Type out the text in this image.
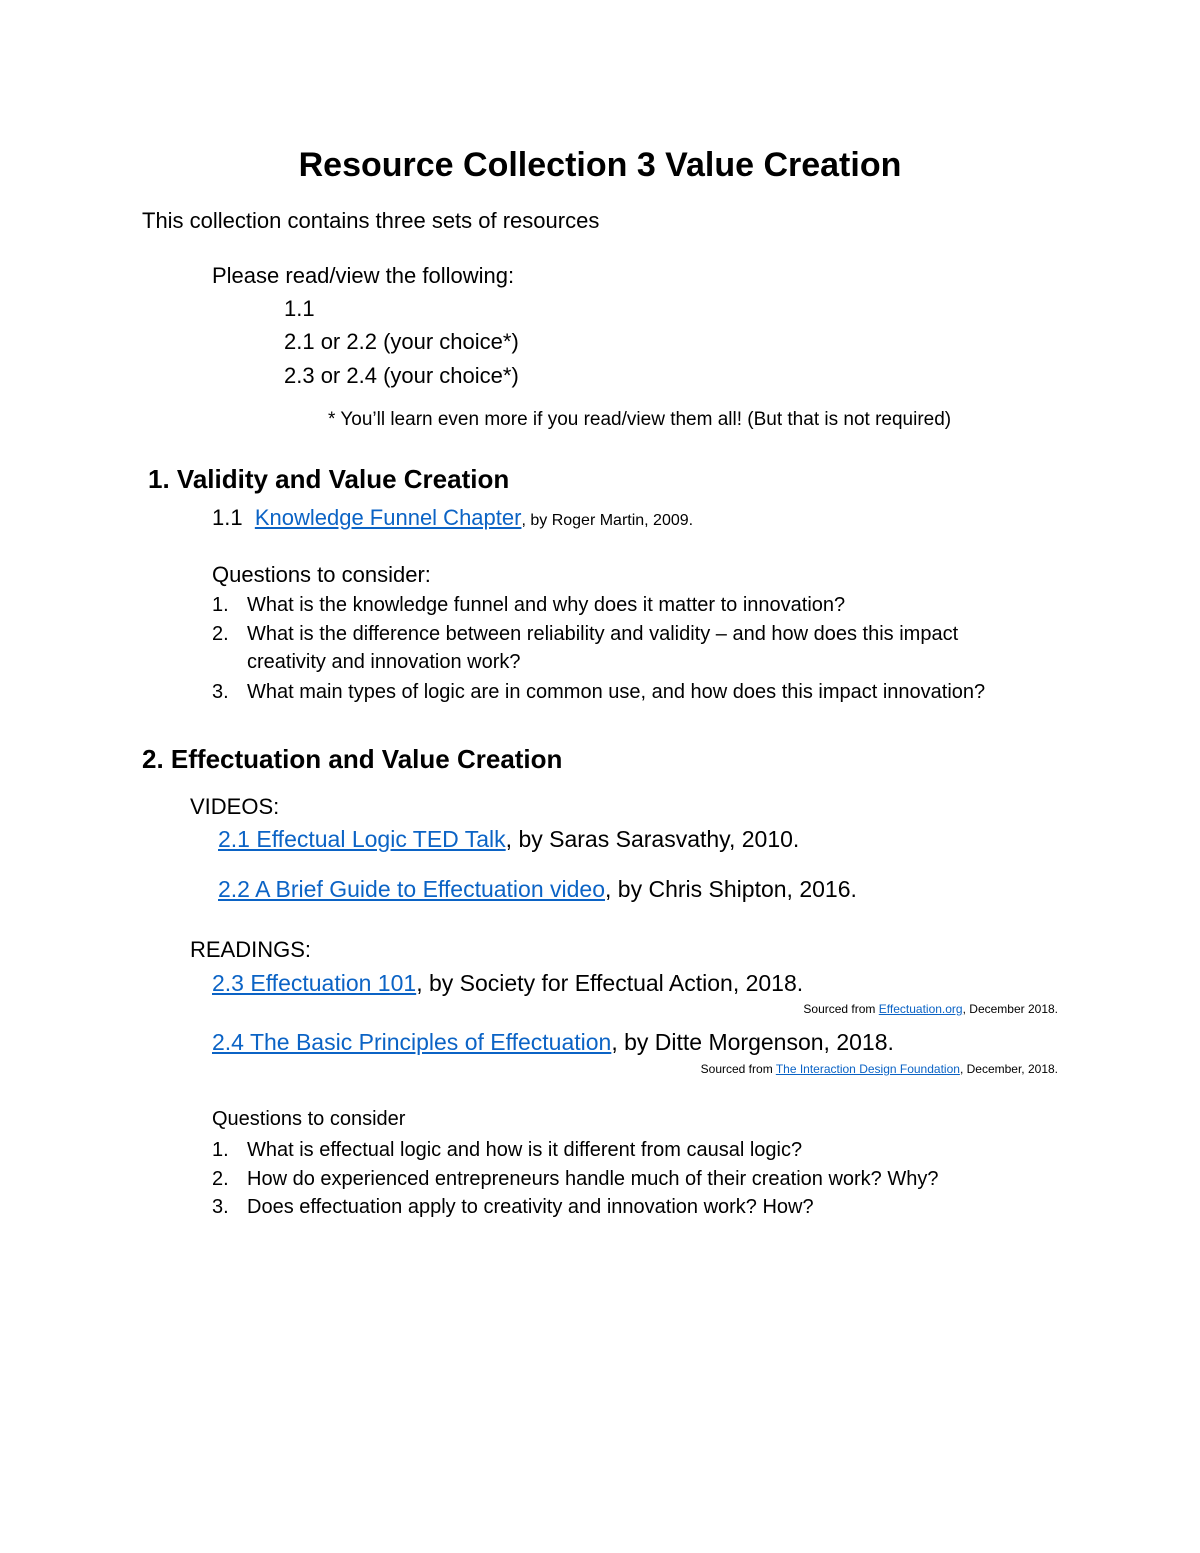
Resource Collection 3 Value Creation
This collection contains three sets of resources
Please read/view the following:
1.1
2.1 or 2.2 (your choice*)
2.3 or 2.4 (your choice*)
* You’ll learn even more if you read/view them all! (But that is not required)
1. Validity and Value Creation
1.1 Knowledge Funnel Chapter, by Roger Martin, 2009.
Questions to consider:
1. What is the knowledge funnel and why does it matter to innovation?
2. What is the difference between reliability and validity – and how does this impact
creativity and innovation work?
3. What main types of logic are in common use, and how does this impact innovation?
2. Effectuation and Value Creation
VIDEOS:
2.1 Effectual Logic TED Talk, by Saras Sarasvathy, 2010.
2.2 A Brief Guide to Effectuation video, by Chris Shipton, 2016.
READINGS:
2.3 Effectuation 101, by Society for Effectual Action, 2018.
Sourced from Effectuation.org, December 2018.
2.4 The Basic Principles of Effectuation, by Ditte Morgenson, 2018.
Sourced from The Interaction Design Foundation, December, 2018.
Questions to consider
1. What is effectual logic and how is it different from causal logic?
2. How do experienced entrepreneurs handle much of their creation work? Why?
3. Does effectuation apply to creativity and innovation work? How?
